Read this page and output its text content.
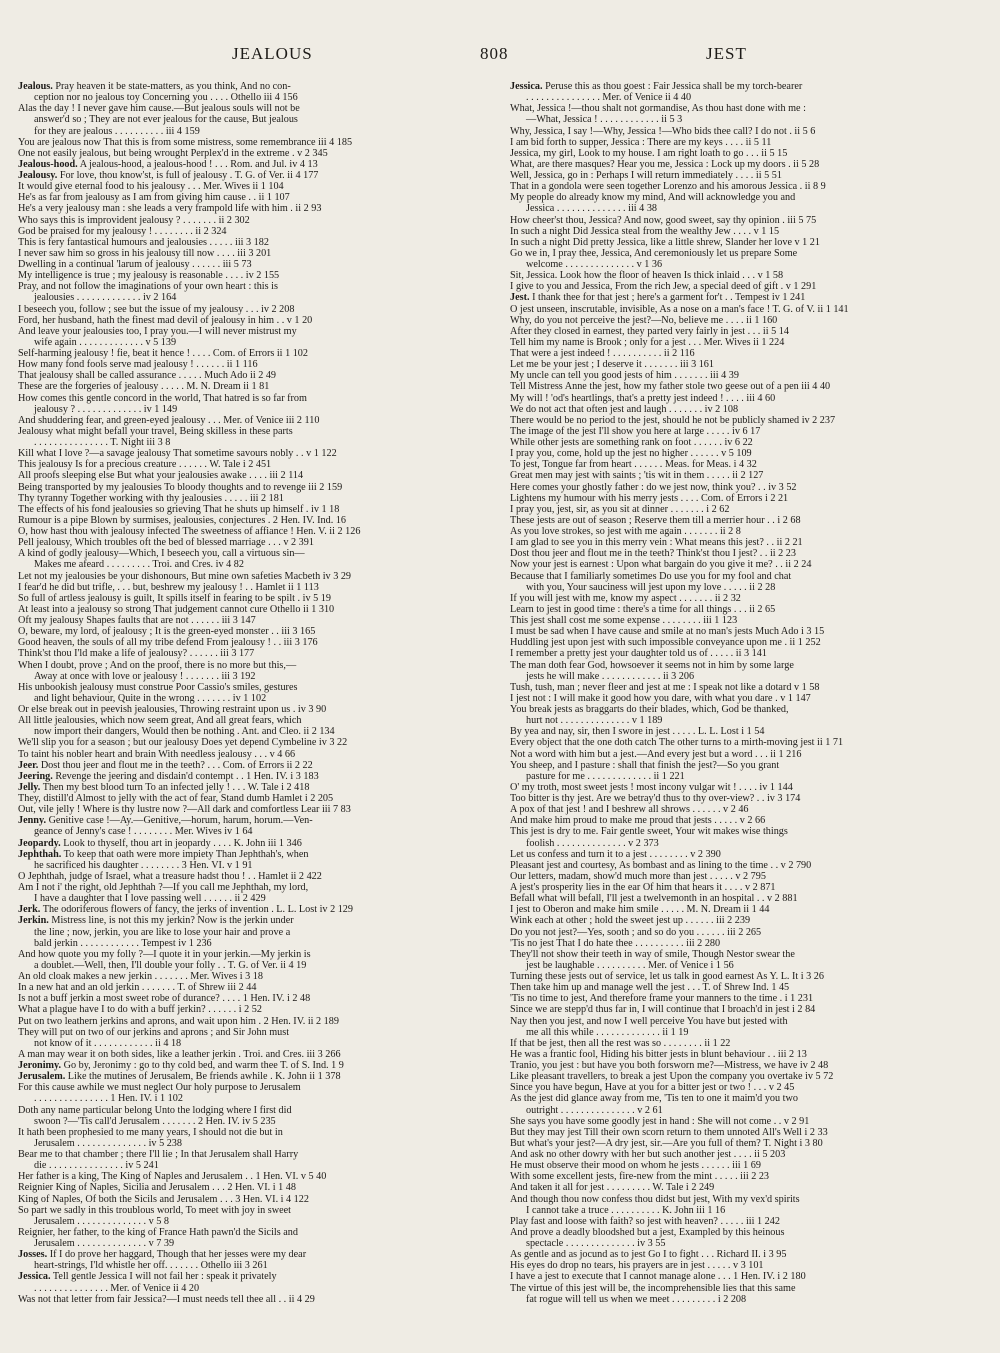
JEALOUS	808	JEST
Jealous. Pray heaven it be state-matters, as you think, And no con-
ception nor no jealous toy Concerning you . . . . Othello iii 4 156
Alas the day ! I never gave him cause.—But jealous souls will not be
answer'd so ; They are not ever jealous for the cause, But jealous
for they are jealous . . . . . . . . . . iii 4 159
You are jealous now That this is from some mistress, some remembrance iii 4 185
One not easily jealous, but being wrought Perplex'd in the extreme . v 2 345
Jealous-hood. A jealous-hood, a jealous-hood ! . . . Rom. and Jul. iv 4 13
Jealousy. For love, thou know'st, is full of jealousy . T. G. of Ver. ii 4 177
It would give eternal food to his jealousy . . . Mer. Wives ii 1 104
He's as far from jealousy as I am from giving him cause . . ii 1 107
He's a very jealousy man : she leads a very frampold life with him . ii 2 93
Who says this is improvident jealousy ? . . . . . . . ii 2 302
God be praised for my jealousy ! . . . . . . . . ii 2 324
This is fery fantastical humours and jealousies . . . . . iii 3 182
I never saw him so gross in his jealousy till now . . . . iii 3 201
Dwelling in a continual 'larum of jealousy . . . . . . iii 5 73
My intelligence is true ; my jealousy is reasonable . . . . iv 2 155
Pray, and not follow the imaginations of your own heart : this is
jealousies . . . . . . . . . . . . . iv 2 164
I beseech you, follow ; see but the issue of my jealousy . . . iv 2 208
Ford, her husband, hath the finest mad devil of jealousy in him . . v 1 20
And leave your jealousies too, I pray you.—I will never mistrust my
wife again . . . . . . . . . . . . . v 5 139
Self-harming jealousy ! fie, beat it hence ! . . . . Com. of Errors ii 1 102
How many fond fools serve mad jealousy ! . . . . . . ii 1 116
That jealousy shall be called assurance . . . . . Much Ado ii 2 49
These are the forgeries of jealousy . . . . . M. N. Dream ii 1 81
How comes this gentle concord in the world, That hatred is so far from
jealousy ? . . . . . . . . . . . . . iv 1 149
And shuddering fear, and green-eyed jealousy . . . Mer. of Venice iii 2 110
Jealousy what might befall your travel, Being skilless in these parts
. . . . . . . . . . . . . . . T. Night iii 3 8
Kill what I love ?—a savage jealousy That sometime savours nobly . . v 1 122
This jealousy Is for a precious creature . . . . . . W. Tale i 2 451
All proofs sleeping else But what your jealousies awake . . . . iii 2 114
Being transported by my jealousies To bloody thoughts and to revenge iii 2 159
Thy tyranny Together working with thy jealousies . . . . . iii 2 181
The effects of his fond jealousies so grieving That he shuts up himself . iv 1 18
Rumour is a pipe Blown by surmises, jealousies, conjectures . 2 Hen. IV. Ind. 16
O, how hast thou with jealousy infected The sweetness of affiance ! Hen. V. ii 2 126
Pell jealousy, Which troubles oft the bed of blessed marriage . . . v 2 391
A kind of godly jealousy—Which, I beseech you, call a virtuous sin—
Makes me afeard . . . . . . . . . Troi. and Cres. iv 4 82
Let not my jealousies be your dishonours, But mine own safeties Macbeth iv 3 29
I fear'd he did but trifle, . . . but, beshrew my jealousy ! . . Hamlet ii 1 113
So full of artless jealousy is guilt, It spills itself in fearing to be spilt . iv 5 19
At least into a jealousy so strong That judgement cannot cure Othello ii 1 310
Oft my jealousy Shapes faults that are not . . . . . . iii 3 147
O, beware, my lord, of jealousy ; It is the green-eyed monster . . iii 3 165
Good heaven, the souls of all my tribe defend From jealousy ! . . iii 3 176
Think'st thou I'ld make a life of jealousy? . . . . . . iii 3 177
When I doubt, prove ; And on the proof, there is no more but this,—
Away at once with love or jealousy ! . . . . . . . iii 3 192
His unbookish jealousy must construe Poor Cassio's smiles, gestures
and light behaviour, Quite in the wrong . . . . . . . iv 1 102
Or else break out in peevish jealousies, Throwing restraint upon us . iv 3 90
All little jealousies, which now seem great, And all great fears, which
now import their dangers, Would then be nothing . Ant. and Cleo. ii 2 134
We'll slip you for a season ; but our jealousy Does yet depend Cymbeline iv 3 22
To taint his nobler heart and brain With needless jealousy . . . v 4 66
Jeer. Dost thou jeer and flout me in the teeth? . . . Com. of Errors ii 2 22
Jeering. Revenge the jeering and disdain'd contempt . . 1 Hen. IV. i 3 183
Jelly. Then my best blood turn To an infected jelly ! . . . W. Tale i 2 418
They, distill'd Almost to jelly with the act of fear, Stand dumb Hamlet i 2 205
Out, vile jelly ! Where is thy lustre now ?—All dark and comfortless Lear iii 7 83
Jenny. Genitive case !—Ay.—Genitive,—horum, harum, horum.—Ven-
geance of Jenny's case ! . . . . . . . . Mer. Wives iv 1 64
Jeopardy. Look to thyself, thou art in jeopardy . . . . K. John iii 1 346
Jephthah. To keep that oath were more impiety Than Jephthah's, when
he sacrificed his daughter . . . . . . . . 3 Hen. VI. v 1 91
O Jephthah, judge of Israel, what a treasure hadst thou ! . . Hamlet ii 2 422
Am I not i' the right, old Jephthah ?—If you call me Jephthah, my lord,
I have a daughter that I love passing well . . . . . . ii 2 429
Jerk. The odoriferous flowers of fancy, the jerks of invention . L. L. Lost iv 2 129
Jerkin. Mistress line, is not this my jerkin? Now is the jerkin under
the line ; now, jerkin, you are like to lose your hair and prove a
bald jerkin . . . . . . . . . . . . Tempest iv 1 236
And how quote you my folly ?—I quote it in your jerkin.—My jerkin is
a doublet.—Well, then, I'll double your folly . . T. G. of Ver. ii 4 19
An old cloak makes a new jerkin . . . . . . . Mer. Wives i 3 18
In a new hat and an old jerkin . . . . . . . T. of Shrew iii 2 44
Is not a buff jerkin a most sweet robe of durance? . . . . 1 Hen. IV. i 2 48
What a plague have I to do with a buff jerkin? . . . . . . i 2 52
Put on two leathern jerkins and aprons, and wait upon him . 2 Hen. IV. ii 2 189
They will put on two of our jerkins and aprons ; and Sir John must
not know of it . . . . . . . . . . . . ii 4 18
A man may wear it on both sides, like a leather jerkin . Troi. and Cres. iii 3 266
Jeronimy. Go by, Jeronimy : go to thy cold bed, and warm thee T. of S. Ind. 1 9
Jerusalem. Like the mutines of Jerusalem, Be friends awhile . K. John ii 1 378
For this cause awhile we must neglect Our holy purpose to Jerusalem
. . . . . . . . . . . . . . . 1 Hen. IV. i 1 102
Doth any name particular belong Unto the lodging where I first did
swoon ?—'Tis call'd Jerusalem . . . . . . . 2 Hen. IV. iv 5 235
It hath been prophesied to me many years, I should not die but in
Jerusalem . . . . . . . . . . . . . . iv 5 238
Bear me to that chamber ; there I'll lie ; In that Jerusalem shall Harry
die . . . . . . . . . . . . . . . iv 5 241
Her father is a king, The King of Naples and Jerusalem . . 1 Hen. VI. v 5 40
Reignier King of Naples, Sicilia and Jerusalem . . . 2 Hen. VI. i 1 48
King of Naples, Of both the Sicils and Jerusalem . . . 3 Hen. VI. i 4 122
So part we sadly in this troublous world, To meet with joy in sweet
Jerusalem . . . . . . . . . . . . . . v 5 8
Reignier, her father, to the king of France Hath pawn'd the Sicils and
Jerusalem . . . . . . . . . . . . . . v 7 39
Josses. If I do prove her haggard, Though that her jesses were my dear
heart-strings, I'ld whistle her off. . . . . . . Othello iii 3 261
Jessica. Tell gentle Jessica I will not fail her : speak it privately
. . . . . . . . . . . . . . . Mer. of Venice ii 4 20
Was not that letter from fair Jessica?—I must needs tell thee all . . ii 4 29
Jessica. Peruse this as thou goest : Fair Jessica shall be my torch-bearer
. . . . . . . . . . . . . . . Mer. of Venice ii 4 40
What, Jessica !—thou shalt not gormandise, As thou hast done with me :
—What, Jessica ! . . . . . . . . . . . . ii 5 3
Why, Jessica, I say !—Why, Jessica !—Who bids thee call? I do not . ii 5 6
I am bid forth to supper, Jessica : There are my keys . . . . ii 5 11
Jessica, my girl, Look to my house. I am right loath to go . . . ii 5 15
What, are there masques? Hear you me, Jessica : Lock up my doors . ii 5 28
Well, Jessica, go in : Perhaps I will return immediately . . . . ii 5 51
That in a gondola were seen together Lorenzo and his amorous Jessica . ii 8 9
My people do already know my mind, And will acknowledge you and
Jessica . . . . . . . . . . . . . . iii 4 38
How cheer'st thou, Jessica? And now, good sweet, say thy opinion . iii 5 75
In such a night Did Jessica steal from the wealthy Jew . . . . v 1 15
In such a night Did pretty Jessica, like a little shrew, Slander her love v 1 21
Go we in, I pray thee, Jessica, And ceremoniously let us prepare Some
welcome . . . . . . . . . . . . . . v 1 36
Sit, Jessica. Look how the floor of heaven Is thick inlaid . . . v 1 58
I give to you and Jessica, From the rich Jew, a special deed of gift . v 1 291
Jest. I thank thee for that jest ; here's a garment for't . . Tempest iv 1 241
O jest unseen, inscrutable, invisible, As a nose on a man's face ! T. G. of V. ii 1 141
Why, do you not perceive the jest?—No, believe me . . . . ii 1 160
After they closed in earnest, they parted very fairly in jest . . . ii 5 14
Tell him my name is Brook ; only for a jest . . . Mer. Wives ii 1 224
That were a jest indeed ! . . . . . . . . . . ii 2 116
Let me be your jest ; I deserve it . . . . . . . iii 3 161
My uncle can tell you good jests of him . . . . . . . iii 4 39
Tell Mistress Anne the jest, how my father stole two geese out of a pen iii 4 40
My will ! 'od's heartlings, that's a pretty jest indeed ! . . . . iii 4 60
We do not act that often jest and laugh . . . . . . . iv 2 108
There would be no period to the jest, should he not be publicly shamed iv 2 237
The image of the jest I'll show you here at large . . . . . iv 6 17
While other jests are something rank on foot . . . . . . iv 6 22
I pray you, come, hold up the jest no higher . . . . . . v 5 109
To jest, Tongue far from heart . . . . . . Meas. for Meas. i 4 32
Great men may jest with saints ; 'tis wit in them . . . . . ii 2 127
Here comes your ghostly father : do we jest now, think you? . . iv 3 52
Lightens my humour with his merry jests . . . . Com. of Errors i 2 21
I pray you, jest, sir, as you sit at dinner . . . . . . . i 2 62
These jests are out of season ; Reserve them till a merrier hour . . i 2 68
As you love strokes, so jest with me again . . . . . . . ii 2 8
I am glad to see you in this merry vein : What means this jest? . . ii 2 21
Dost thou jeer and flout me in the teeth? Think'st thou I jest? . . ii 2 23
Now your jest is earnest : Upon what bargain do you give it me? . . ii 2 24
Because that I familiarly sometimes Do use you for my fool and chat
with you, Your sauciness will jest upon my love . . . . . ii 2 28
If you will jest with me, know my aspect . . . . . . . ii 2 32
Learn to jest in good time : there's a time for all things . . . ii 2 65
This jest shall cost me some expense . . . . . . . . iii 1 123
I must be sad when I have cause and smile at no man's jests Much Ado i 3 15
Huddling jest upon jest with such impossible conveyance upon me . ii 1 252
I remember a pretty jest your daughter told us of . . . . . ii 3 141
The man doth fear God, howsoever it seems not in him by some large
jests he will make . . . . . . . . . . . . ii 3 206
Tush, tush, man ; never fleer and jest at me : I speak not like a dotard v 1 58
I jest not : I will make it good how you dare, with what you dare . v 1 147
You break jests as braggarts do their blades, which, God be thanked,
hurt not . . . . . . . . . . . . . . v 1 189
By yea and nay, sir, then I swore in jest . . . . . L. L. Lost i 1 54
Every object that the one doth catch The other turns to a mirth-moving jest ii 1 71
Not a word with him but a jest.—And every jest but a word . . . ii 1 216
You sheep, and I pasture : shall that finish the jest?—So you grant
pasture for me . . . . . . . . . . . . . ii 1 221
O' my troth, most sweet jests ! most incony vulgar wit ! . . . . iv 1 144
Too bitter is thy jest. Are we betray'd thus to thy over-view? . . iv 3 174
A pox of that jest ! and I beshrew all shrows . . . . . . v 2 46
And make him proud to make me proud that jests . . . . . v 2 66
This jest is dry to me. Fair gentle sweet, Your wit makes wise things
foolish . . . . . . . . . . . . . . v 2 373
Let us confess and turn it to a jest . . . . . . . . v 2 390
Pleasant jest and courtesy, As bombast and as lining to the time . . v 2 790
Our letters, madam, show'd much more than jest . . . . . v 2 795
A jest's prosperity lies in the ear Of him that hears it . . . . v 2 871
Befall what will befall, I'll jest a twelvemonth in an hospital . . v 2 881
I jest to Oberon and make him smile . . . . . M. N. Dream ii 1 44
Wink each at other ; hold the sweet jest up . . . . . . iii 2 239
Do you not jest?—Yes, sooth ; and so do you . . . . . . iii 2 265
'Tis no jest That I do hate thee . . . . . . . . . . iii 2 280
They'll not show their teeth in way of smile, Though Nestor swear the
jest be laughable . . . . . . . . . . Mer. of Venice i 1 56
Turning these jests out of service, let us talk in good earnest As Y. L. It i 3 26
Then take him up and manage well the jest . . . T. of Shrew Ind. 1 45
'Tis no time to jest, And therefore frame your manners to the time . i 1 231
Since we are stepp'd thus far in, I will continue that I broach'd in jest i 2 84
Nay then you jest, and now I well perceive You have but jested with
me all this while . . . . . . . . . . . . . ii 1 19
If that be jest, then all the rest was so . . . . . . . . ii 1 22
He was a frantic fool, Hiding his bitter jests in blunt behaviour . . iii 2 13
Tranio, you jest : but have you both forsworn me?—Mistress, we have iv 2 48
Like pleasant travellers, to break a jest Upon the company you overtake iv 5 72
Since you have begun, Have at you for a bitter jest or two ! . . . v 2 45
As the jest did glance away from me, 'Tis ten to one it maim'd you two
outright . . . . . . . . . . . . . . . v 2 61
She says you have some goodly jest in hand : She will not come . . v 2 91
But they may jest Till their own scorn return to them unnoted All's Well i 2 33
But what's your jest?—A dry jest, sir.—Are you full of them? T. Night i 3 80
And ask no other dowry with her but such another jest . . . . ii 5 203
He must observe their mood on whom he jests . . . . . . iii 1 69
With some excellent jests, fire-new from the mint . . . . . iii 2 23
And taken it all for jest . . . . . . . . . W. Tale i 2 249
And though thou now confess thou didst but jest, With my vex'd spirits
I cannot take a truce . . . . . . . . . . K. John iii 1 16
Play fast and loose with faith? so jest with heaven? . . . . . iii 1 242
And prove a deadly bloodshed but a jest, Exampled by this heinous
spectacle . . . . . . . . . . . . . . iv 3 55
As gentle and as jocund as to jest Go I to fight . . . Richard II. i 3 95
His eyes do drop no tears, his prayers are in jest . . . . . v 3 101
I have a jest to execute that I cannot manage alone . . . 1 Hen. IV. i 2 180
The virtue of this jest will be, the incomprehensible lies that this same
fat rogue will tell us when we meet . . . . . . . . . i 2 208
